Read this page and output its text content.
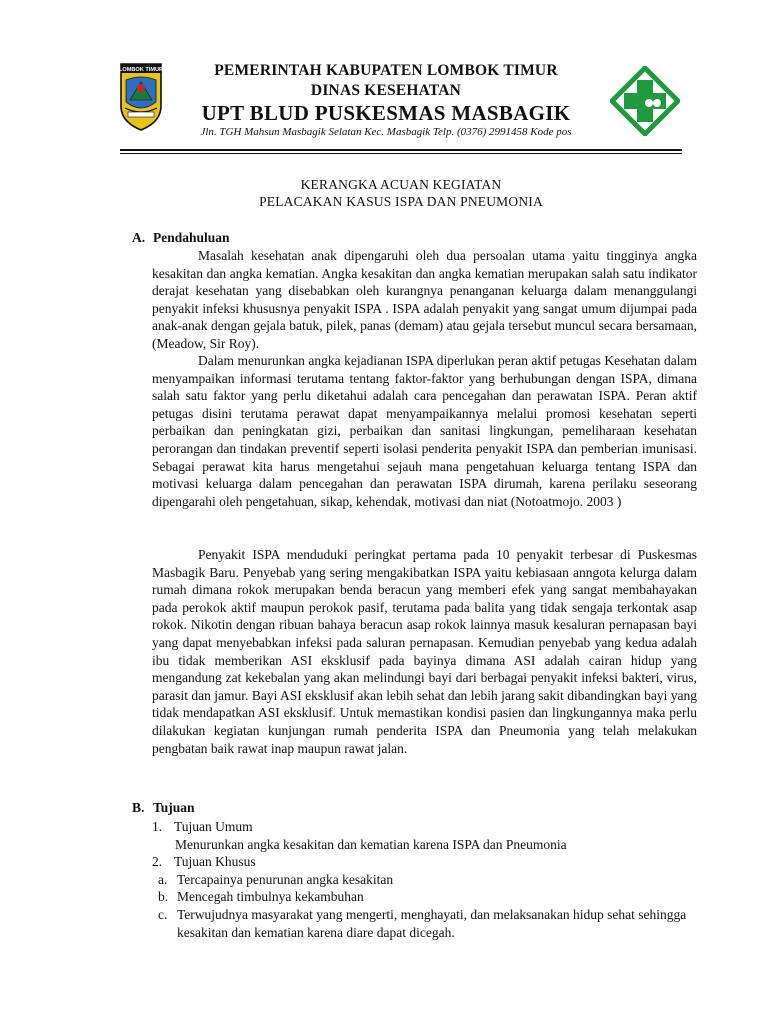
LOMBOK TIMUR	PEMERINTAH KABUPATEN LOMBOK TIMUR
DINAS KESEHATAN
UPT BLUD PUSKESMAS MASBAGIK
Jln. TGH Mahsun Masbagik Selatan Kec. Masbagik Telp. (0376) 2991458 Kode pos
KERANGKA ACUAN KEGIATAN
PELACAKAN KASUS ISPA DAN PNEUMONIA
A. Pendahuluan

Masalah kesehatan anak dipengaruhi oleh dua persoalan utama yaitu tingginya angka kesakitan dan angka kematian. Angka kesakitan dan angka kematian merupakan salah satu indikator derajat kesehatan yang disebabkan oleh kurangnya penanganan keluarga dalam menanggulangi penyakit infeksi khususnya penyakit ISPA . ISPA adalah penyakit yang sangat umum dijumpai pada anak-anak dengan gejala batuk, pilek, panas (demam) atau gejala tersebut muncul secara bersamaan, (Meadow, Sir Roy).

Dalam menurunkan angka kejadianan ISPA diperlukan peran aktif petugas Kesehatan dalam menyampaikan informasi terutama tentang faktor-faktor yang berhubungan dengan ISPA, dimana salah satu faktor yang perlu diketahui adalah cara pencegahan dan perawatan ISPA. Peran aktif petugas disini terutama perawat dapat menyampaikannya melalui promosi kesehatan seperti perbaikan dan peningkatan gizi, perbaikan dan sanitasi lingkungan, pemeliharaan kesehatan perorangan dan tindakan preventif seperti isolasi penderita penyakit ISPA dan pemberian imunisasi. Sebagai perawat kita harus mengetahui sejauh mana pengetahuan keluarga tentang ISPA dan motivasi keluarga dalam pencegahan dan perawatan ISPA dirumah, karena perilaku seseorang dipengarahi oleh pengetahuan, sikap, kehendak, motivasi dan niat (Notoatmojo. 2003 )

Penyakit ISPA menduduki peringkat pertama pada 10 penyakit terbesar di Puskesmas Masbagik Baru. Penyebab yang sering mengakibatkan ISPA yaitu kebiasaan anngota kelurga dalam rumah dimana rokok merupakan benda beracun yang memberi efek yang sangat membahayakan pada perokok aktif maupun perokok pasif, terutama pada balita yang tidak sengaja terkontak asap rokok. Nikotin dengan ribuan bahaya beracun asap rokok lainnya masuk kesaluran pernapasan bayi yang dapat menyebabkan infeksi pada saluran pernapasan. Kemudian penyebab yang kedua adalah ibu tidak memberikan ASI eksklusif pada bayinya dimana ASI adalah cairan hidup yang mengandung zat kekebalan yang akan melindungi bayi dari berbagai penyakit infeksi bakteri, virus, parasit dan jamur. Bayi ASI eksklusif akan lebih sehat dan lebih jarang sakit dibandingkan bayi yang tidak mendapatkan ASI eksklusif. Untuk memastikan kondisi pasien dan lingkungannya maka perlu dilakukan kegiatan kunjungan rumah penderita ISPA dan Pneumonia yang telah melakukan pengbatan baik rawat inap maupun rawat jalan.

B. Tujuan
1. Tujuan Umum
Menurunkan angka kesakitan dan kematian karena ISPA dan Pneumonia
2. Tujuan Khusus
a. Tercapainya penurunan angka kesakitan
b. Mencegah timbulnya kekambuhan
c. Terwujudnya masyarakat yang mengerti, menghayati, dan melaksanakan hidup sehat sehingga kesakitan dan kematian karena diare dapat dicegah.
